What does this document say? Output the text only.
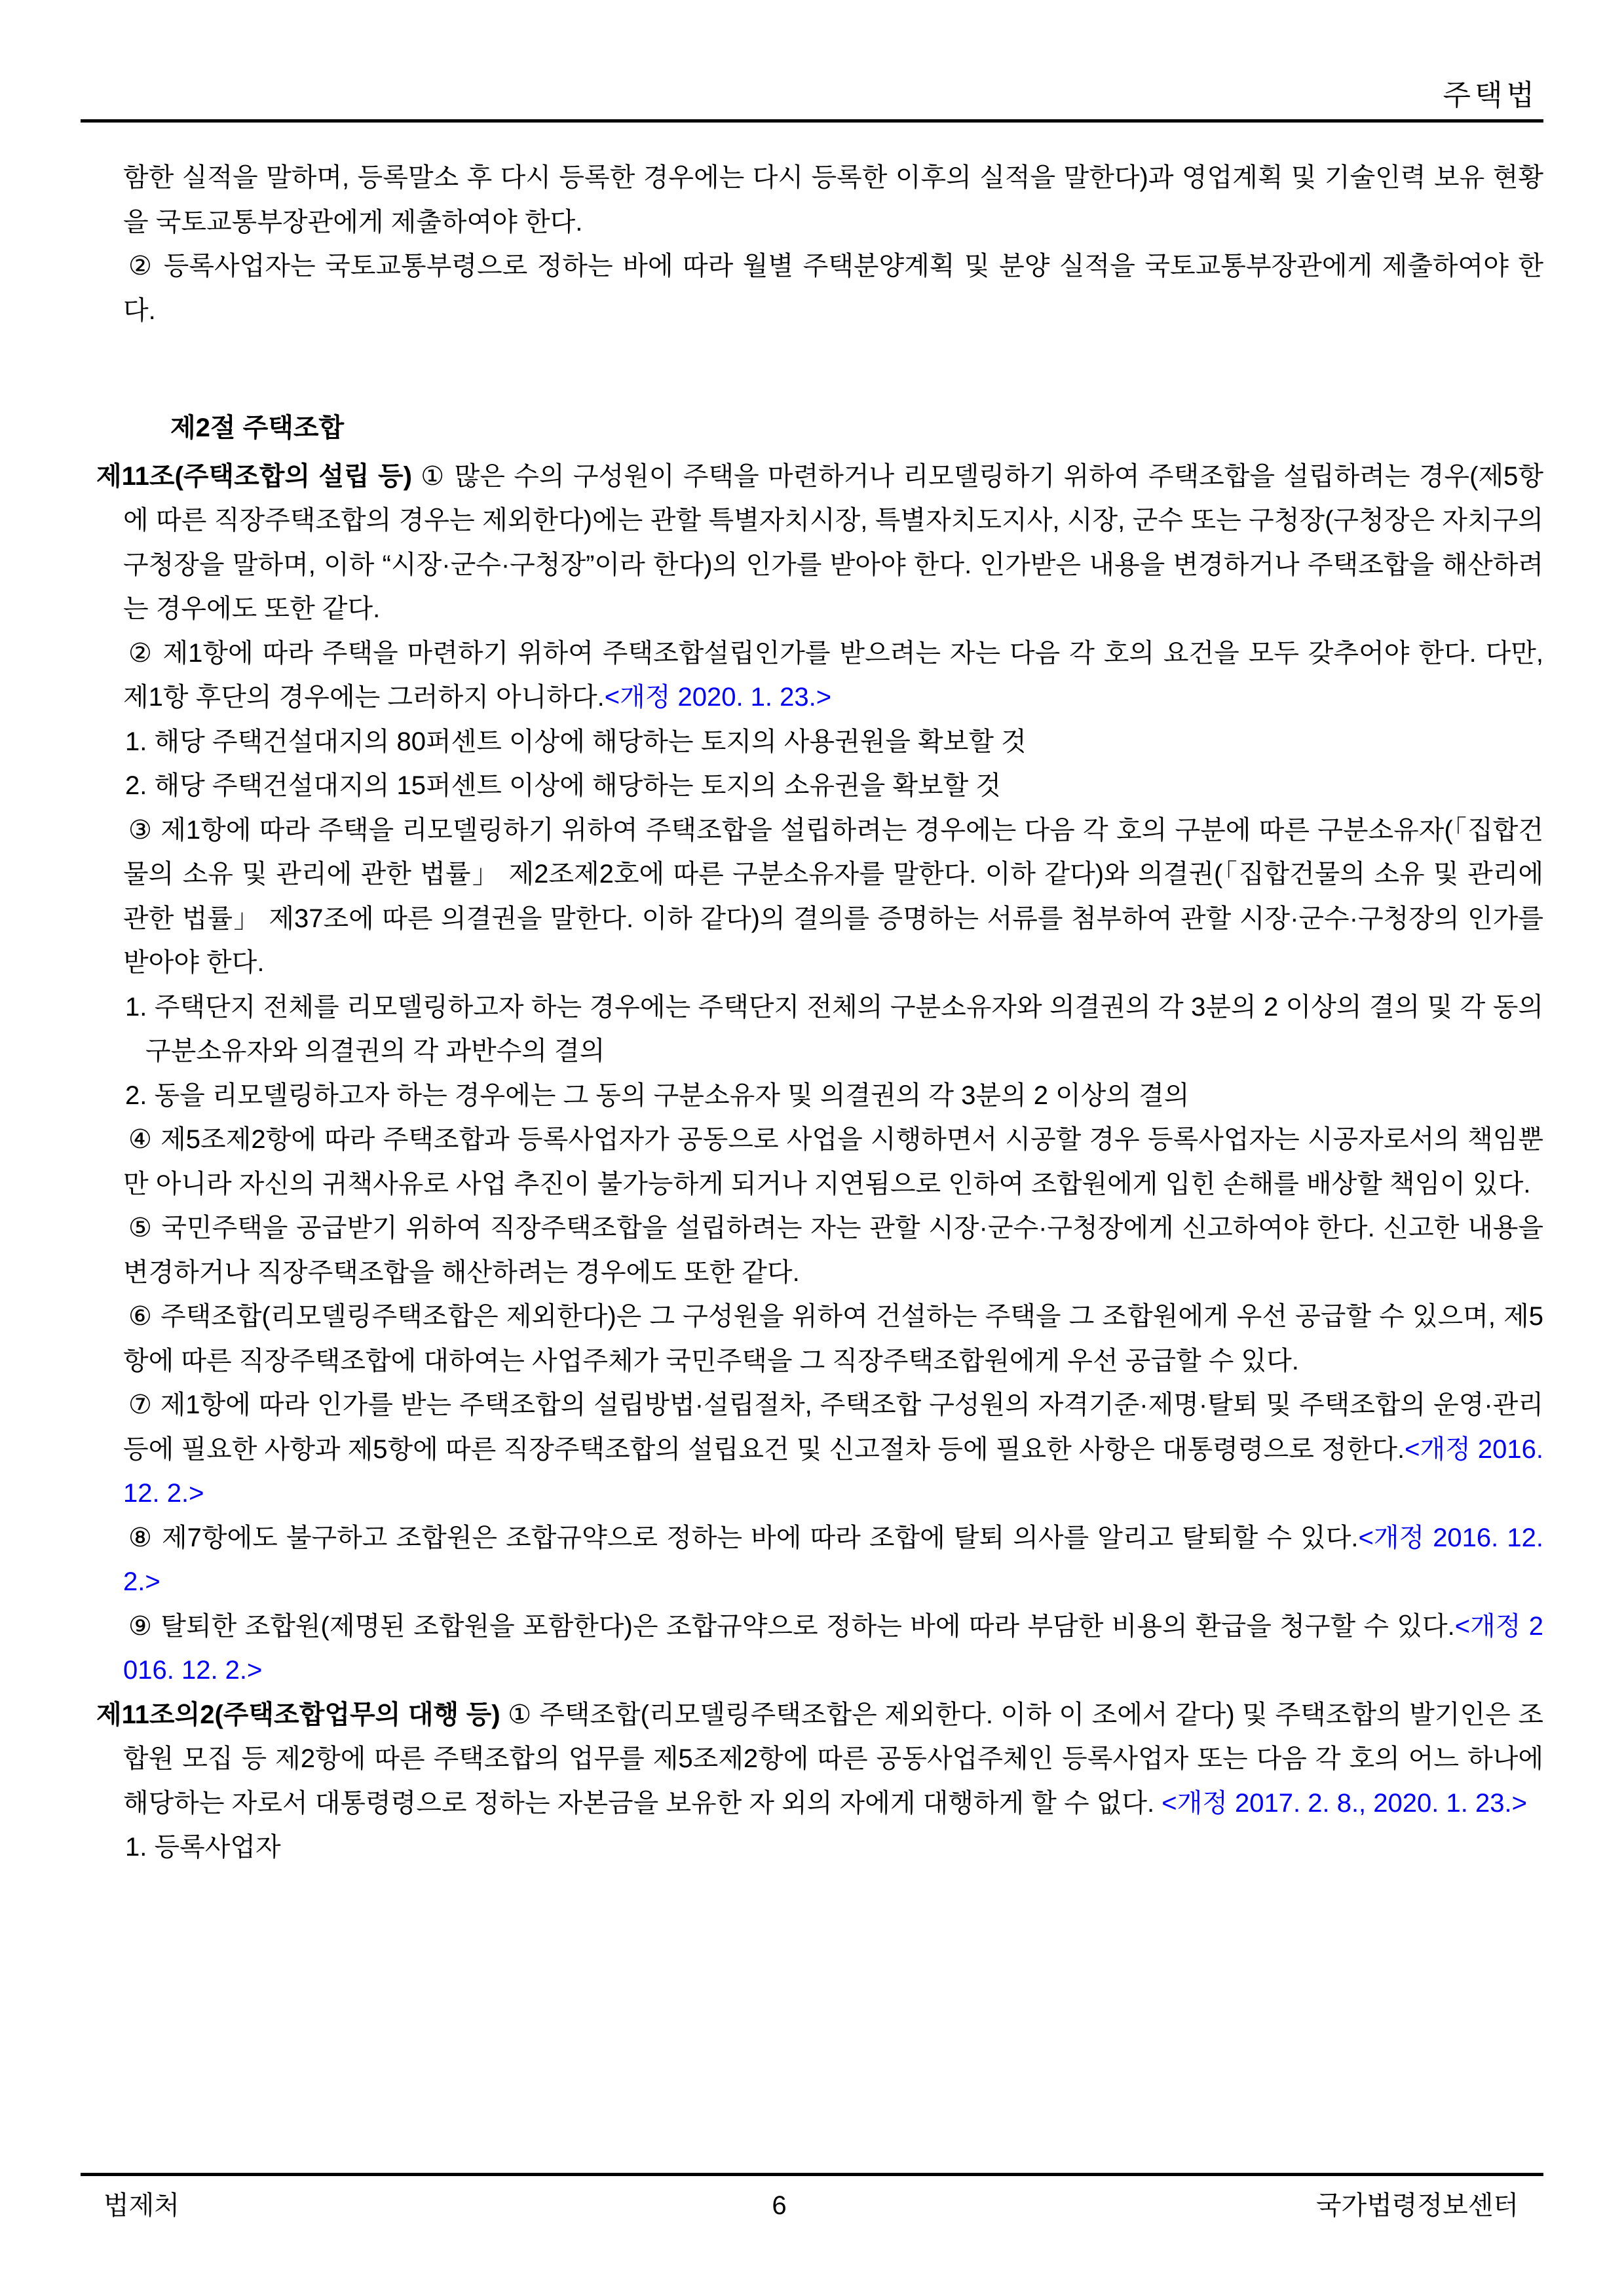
주택법

함한 실적을 말하며, 등록말소 후 다시 등록한 경우에는 다시 등록한 이후의 실적을 말한다)과 영업계획 및 기술인력 보유 현황을 국토교통부장관에게 제출하여야 한다.

② 등록사업자는 국토교통부령으로 정하는 바에 따라 월별 주택분양계획 및 분양 실적을 국토교통부장관에게 제출하여야 한다.

제2절 주택조합

제11조(주택조합의 설립 등) ① 많은 수의 구성원이 주택을 마련하거나 리모델링하기 위하여 주택조합을 설립하려는 경우(제5항에 따른 직장주택조합의 경우는 제외한다)에는 관할 특별자치시장, 특별자치도지사, 시장, 군수 또는 구청장(구청장은 자치구의 구청장을 말하며, 이하 “시장·군수·구청장”이라 한다)의 인가를 받아야 한다. 인가받은 내용을 변경하거나 주택조합을 해산하려는 경우에도 또한 같다.

② 제1항에 따라 주택을 마련하기 위하여 주택조합설립인가를 받으려는 자는 다음 각 호의 요건을 모두 갖추어야 한다. 다만, 제1항 후단의 경우에는 그러하지 아니하다.<개정 2020. 1. 23.>

1. 해당 주택건설대지의 80퍼센트 이상에 해당하는 토지의 사용권원을 확보할 것

2. 해당 주택건설대지의 15퍼센트 이상에 해당하는 토지의 소유권을 확보할 것

③ 제1항에 따라 주택을 리모델링하기 위하여 주택조합을 설립하려는 경우에는 다음 각 호의 구분에 따른 구분소유자(「집합건물의 소유 및 관리에 관한 법률」 제2조제2호에 따른 구분소유자를 말한다. 이하 같다)와 의결권(「집합건물의 소유 및 관리에 관한 법률」 제37조에 따른 의결권을 말한다. 이하 같다)의 결의를 증명하는 서류를 첨부하여 관할 시장·군수·구청장의 인가를 받아야 한다.

1. 주택단지 전체를 리모델링하고자 하는 경우에는 주택단지 전체의 구분소유자와 의결권의 각 3분의 2 이상의 결의 및 각 동의 구분소유자와 의결권의 각 과반수의 결의

2. 동을 리모델링하고자 하는 경우에는 그 동의 구분소유자 및 의결권의 각 3분의 2 이상의 결의

④ 제5조제2항에 따라 주택조합과 등록사업자가 공동으로 사업을 시행하면서 시공할 경우 등록사업자는 시공자로서의 책임뿐만 아니라 자신의 귀책사유로 사업 추진이 불가능하게 되거나 지연됨으로 인하여 조합원에게 입힌 손해를 배상할 책임이 있다.

⑤ 국민주택을 공급받기 위하여 직장주택조합을 설립하려는 자는 관할 시장·군수·구청장에게 신고하여야 한다. 신고한 내용을 변경하거나 직장주택조합을 해산하려는 경우에도 또한 같다.

⑥ 주택조합(리모델링주택조합은 제외한다)은 그 구성원을 위하여 건설하는 주택을 그 조합원에게 우선 공급할 수 있으며, 제5항에 따른 직장주택조합에 대하여는 사업주체가 국민주택을 그 직장주택조합원에게 우선 공급할 수 있다.

⑦ 제1항에 따라 인가를 받는 주택조합의 설립방법·설립절차, 주택조합 구성원의 자격기준·제명·탈퇴 및 주택조합의 운영·관리 등에 필요한 사항과 제5항에 따른 직장주택조합의 설립요건 및 신고절차 등에 필요한 사항은 대통령령으로 정한다.<개정 2016. 12. 2.>

⑧ 제7항에도 불구하고 조합원은 조합규약으로 정하는 바에 따라 조합에 탈퇴 의사를 알리고 탈퇴할 수 있다.<개정 2016. 12. 2.>

⑨ 탈퇴한 조합원(제명된 조합원을 포함한다)은 조합규약으로 정하는 바에 따라 부담한 비용의 환급을 청구할 수 있다.<개정 2016. 12. 2.>

제11조의2(주택조합업무의 대행 등) ① 주택조합(리모델링주택조합은 제외한다. 이하 이 조에서 같다) 및 주택조합의 발기인은 조합원 모집 등 제2항에 따른 주택조합의 업무를 제5조제2항에 따른 공동사업주체인 등록사업자 또는 다음 각 호의 어느 하나에 해당하는 자로서 대통령령으로 정하는 자본금을 보유한 자 외의 자에게 대행하게 할 수 없다. <개정 2017. 2. 8., 2020. 1. 23.>

1. 등록사업자

법제처	6	국가법령정보센터
